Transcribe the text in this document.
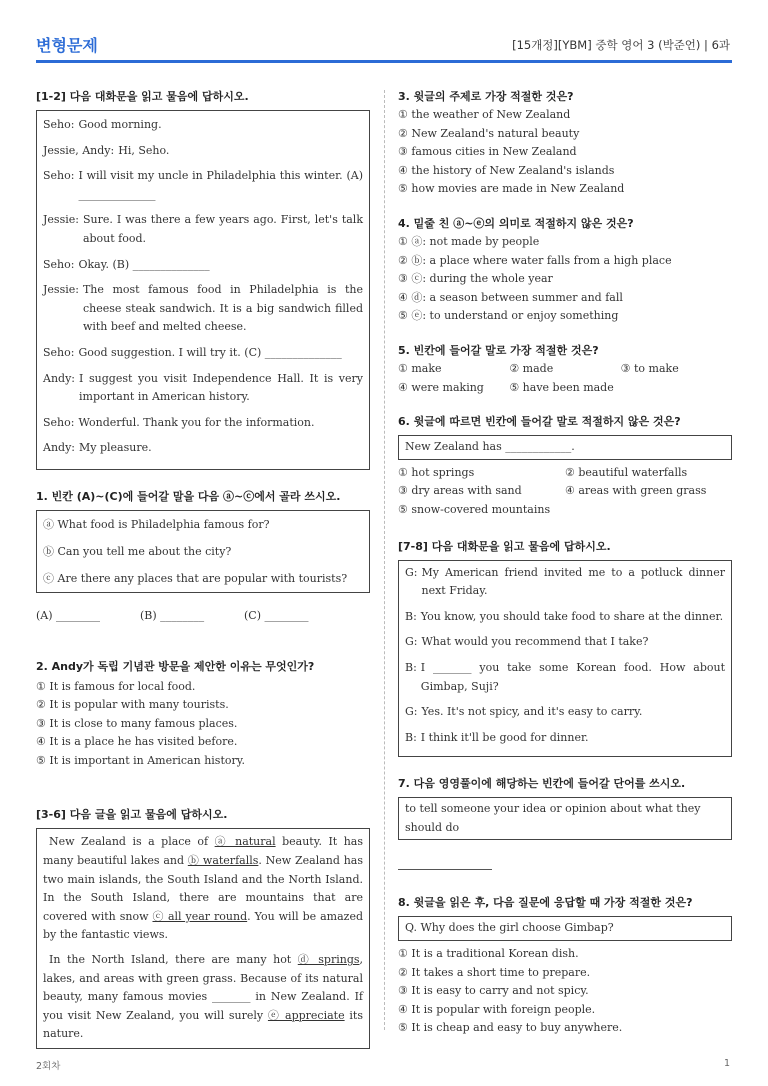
변형문제	[15개정][YBM] 중학 영어 3 (박준언) | 6과

[1-2] 다음 대화문을 읽고 물음에 답하시오.

Seho: Good morning.
Jessie, Andy: Hi, Seho.
Seho: I will visit my uncle in Philadelphia this winter. (A) ______________
Jessie: Sure. I was there a few years ago. First, let's talk about food.
Seho: Okay. (B) ______________
Jessie: The most famous food in Philadelphia is the cheese steak sandwich. It is a big sandwich filled with beef and melted cheese.
Seho: Good suggestion. I will try it. (C) ______________
Andy: I suggest you visit Independence Hall. It is very important in American history.
Seho: Wonderful. Thank you for the information.
Andy: My pleasure.

1. 빈칸 (A)~(C)에 들어갈 말을 다음 ⓐ~ⓒ에서 골라 쓰시오.

ⓐ What food is Philadelphia famous for?
ⓑ Can you tell me about the city?
ⓒ Are there any places that are popular with tourists?
(A) ________	(B) ________	(C) ________

2. Andy가 독립 기념관 방문을 제안한 이유는 무엇인가?

① It is famous for local food.
② It is popular with many tourists.
③ It is close to many famous places.
④ It is a place he has visited before.
⑤ It is important in American history.

[3-6] 다음 글을 읽고 물음에 답하시오.

New Zealand is a place of ⓐ natural beauty. It has many beautiful lakes and ⓑ waterfalls. New Zealand has two main islands, the South Island and the North Island. In the South Island, there are mountains that are covered with snow ⓒ all year round. You will be amazed by the fantastic views.
In the North Island, there are many hot ⓓ springs, lakes, and areas with green grass. Because of its natural beauty, many famous movies _______ in New Zealand. If you visit New Zealand, you will surely ⓔ appreciate its nature.

3. 윗글의 주제로 가장 적절한 것은?

① the weather of New Zealand
② New Zealand's natural beauty
③ famous cities in New Zealand
④ the history of New Zealand's islands
⑤ how movies are made in New Zealand

4. 밑줄 친 ⓐ~ⓔ의 의미로 적절하지 않은 것은?

① ⓐ: not made by people
② ⓑ: a place where water falls from a high place
③ ⓒ: during the whole year
④ ⓓ: a season between summer and fall
⑤ ⓔ: to understand or enjoy something

5. 빈칸에 들어갈 말로 가장 적절한 것은?

① make	② made	③ to make
④ were making	⑤ have been made

6. 윗글에 따르면 빈칸에 들어갈 말로 적절하지 않은 것은?

New Zealand has ____________.
① hot springs	② beautiful waterfalls
③ dry areas with sand	④ areas with green grass
⑤ snow-covered mountains

[7-8] 다음 대화문을 읽고 물음에 답하시오.

G: My American friend invited me to a potluck dinner next Friday.
B: You know, you should take food to share at the dinner.
G: What would you recommend that I take?
B: I _______ you take some Korean food. How about Gimbap, Suji?
G: Yes. It's not spicy, and it's easy to carry.
B: I think it'll be good for dinner.

7. 다음 영영풀이에 해당하는 빈칸에 들어갈 단어를 쓰시오.

to tell someone your idea or opinion about what they should do

8. 윗글을 읽은 후, 다음 질문에 응답할 때 가장 적절한 것은?

Q. Why does the girl choose Gimbap?
① It is a traditional Korean dish.
② It takes a short time to prepare.
③ It is easy to carry and not spicy.
④ It is popular with foreign people.
⑤ It is cheap and easy to buy anywhere.
2회차	1
